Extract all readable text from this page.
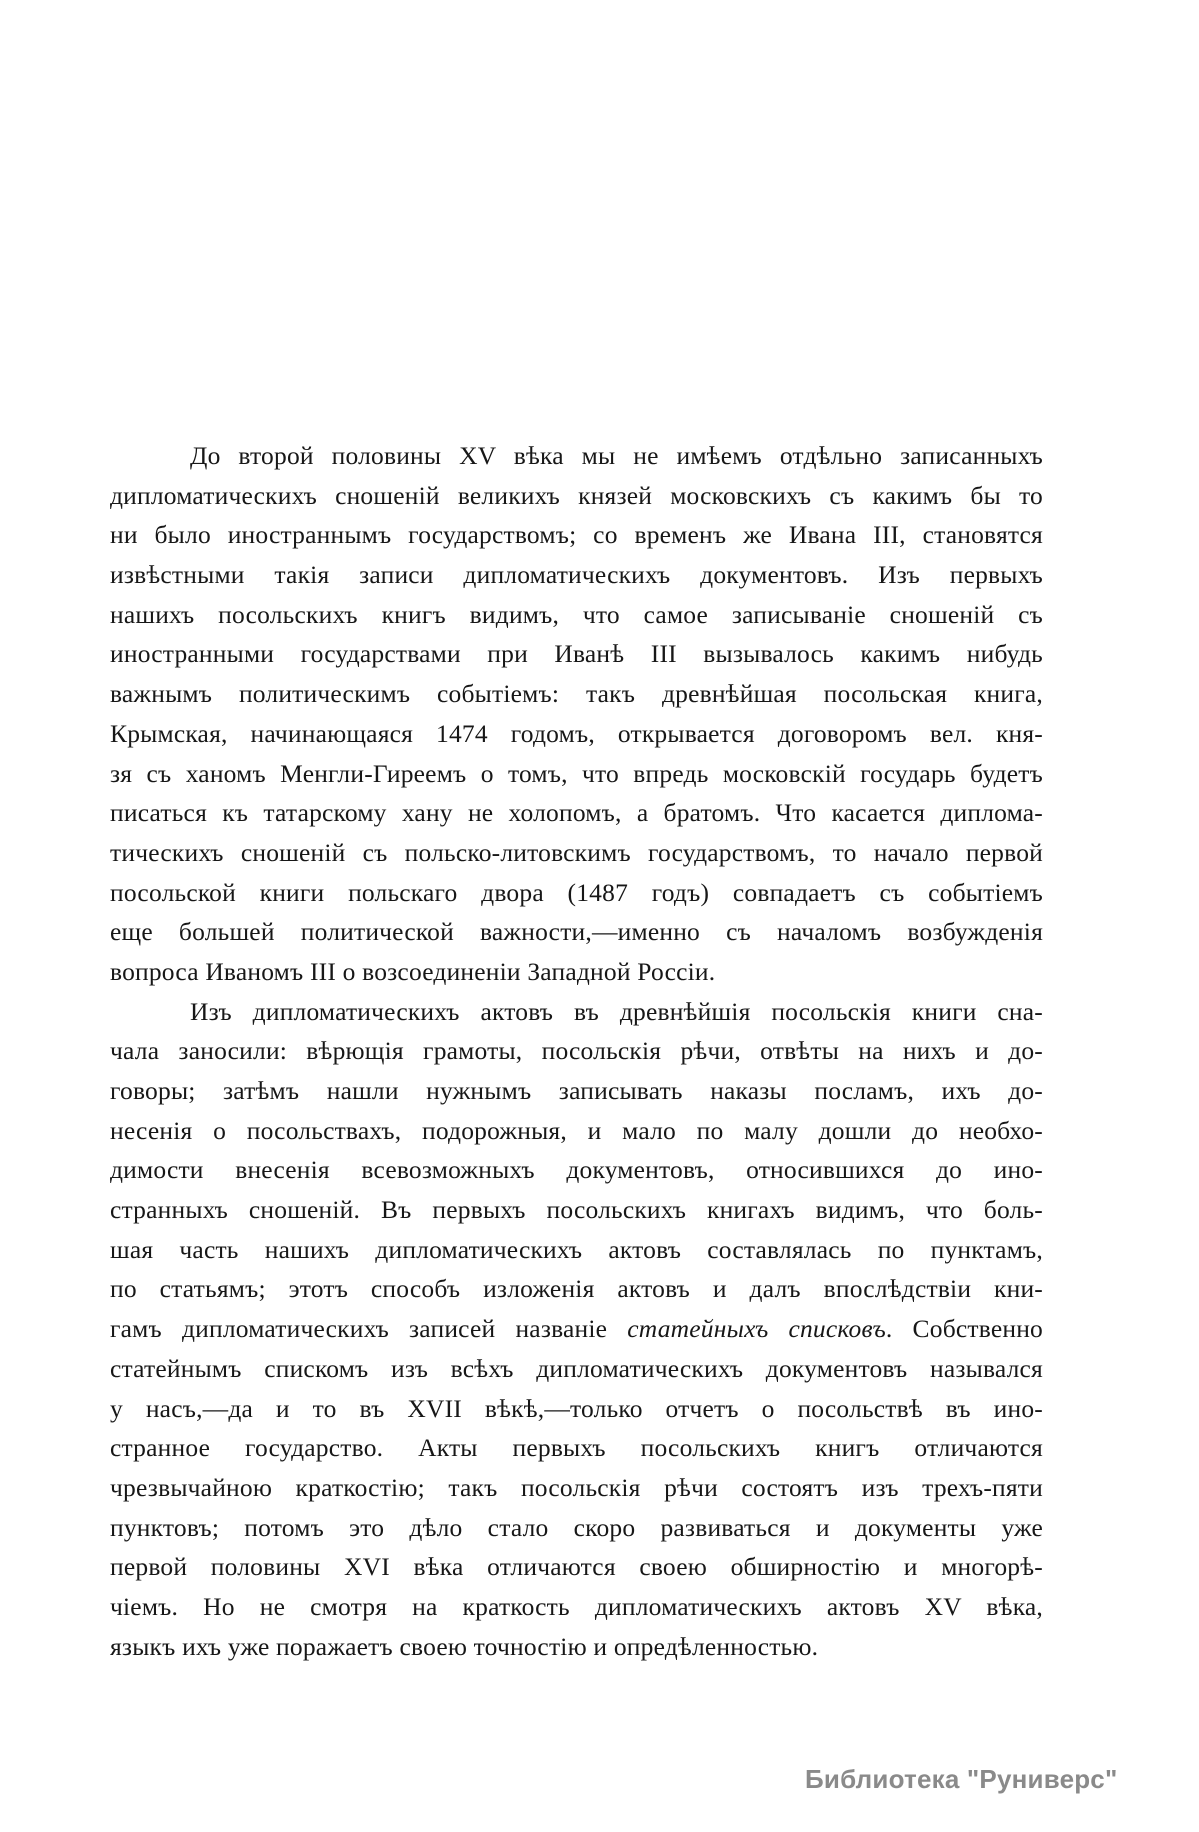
До второй половины XV вѣка мы не имѣемъ отдѣльно записанныхъ
дипломатическихъ сношеній великихъ князей московскихъ съ какимъ бы то
ни было иностраннымъ государствомъ; со временъ же Ивана III, становятся
извѣстными такія записи дипломатическихъ документовъ. Изъ первыхъ
нашихъ посольскихъ книгъ видимъ, что самое записываніе сношеній съ
иностранными государствами при Иванѣ III вызывалось какимъ нибудь
важнымъ политическимъ событіемъ: такъ древнѣйшая посольская книга,
Крымская, начинающаяся 1474 годомъ, открывается договоромъ вел. кня-
зя съ ханомъ Менгли-Гиреемъ о томъ, что впредь московскій государь будетъ
писаться къ татарскому хану не холопомъ, а братомъ. Что касается диплома-
тическихъ сношеній съ польско-литовскимъ государствомъ, то начало первой
посольской книги польскаго двора (1487 годъ) совпадаетъ съ событіемъ
еще большей политической важности,—именно съ началомъ возбужденія
вопроса Иваномъ III о возсоединеніи Западной Россіи.
Изъ дипломатическихъ актовъ въ древнѣйшія посольскія книги сна-
чала заносили: вѣрющія грамоты, посольскія рѣчи, отвѣты на нихъ и до-
говоры; затѣмъ нашли нужнымъ записывать наказы посламъ, ихъ до-
несенія о посольствахъ, подорожныя, и мало по малу дошли до необхо-
димости внесенія всевозможныхъ документовъ, относившихся до ино-
странныхъ сношеній. Въ первыхъ посольскихъ книгахъ видимъ, что боль-
шая часть нашихъ дипломатическихъ актовъ составлялась по пунктамъ,
по статьямъ; этотъ способъ изложенія актовъ и далъ впослѣдствіи кни-
гамъ дипломатическихъ записей названіе статейныхъ списковъ. Собственно
статейнымъ спискомъ изъ всѣхъ дипломатическихъ документовъ назывался
у насъ,—да и то въ XVII вѣкѣ,—только отчетъ о посольствѣ въ ино-
странное государство. Акты первыхъ посольскихъ книгъ отличаются
чрезвычайною краткостію; такъ посольскія рѣчи состоятъ изъ трехъ-пяти
пунктовъ; потомъ это дѣло стало скоро развиваться и документы уже
первой половины XVI вѣка отличаются своею обширностію и многорѣ-
чіемъ. Но не смотря на краткость дипломатическихъ актовъ XV вѣка,
языкъ ихъ уже поражаетъ своею точностію и опредѣленностью.
Библиотека "Руниверс"
